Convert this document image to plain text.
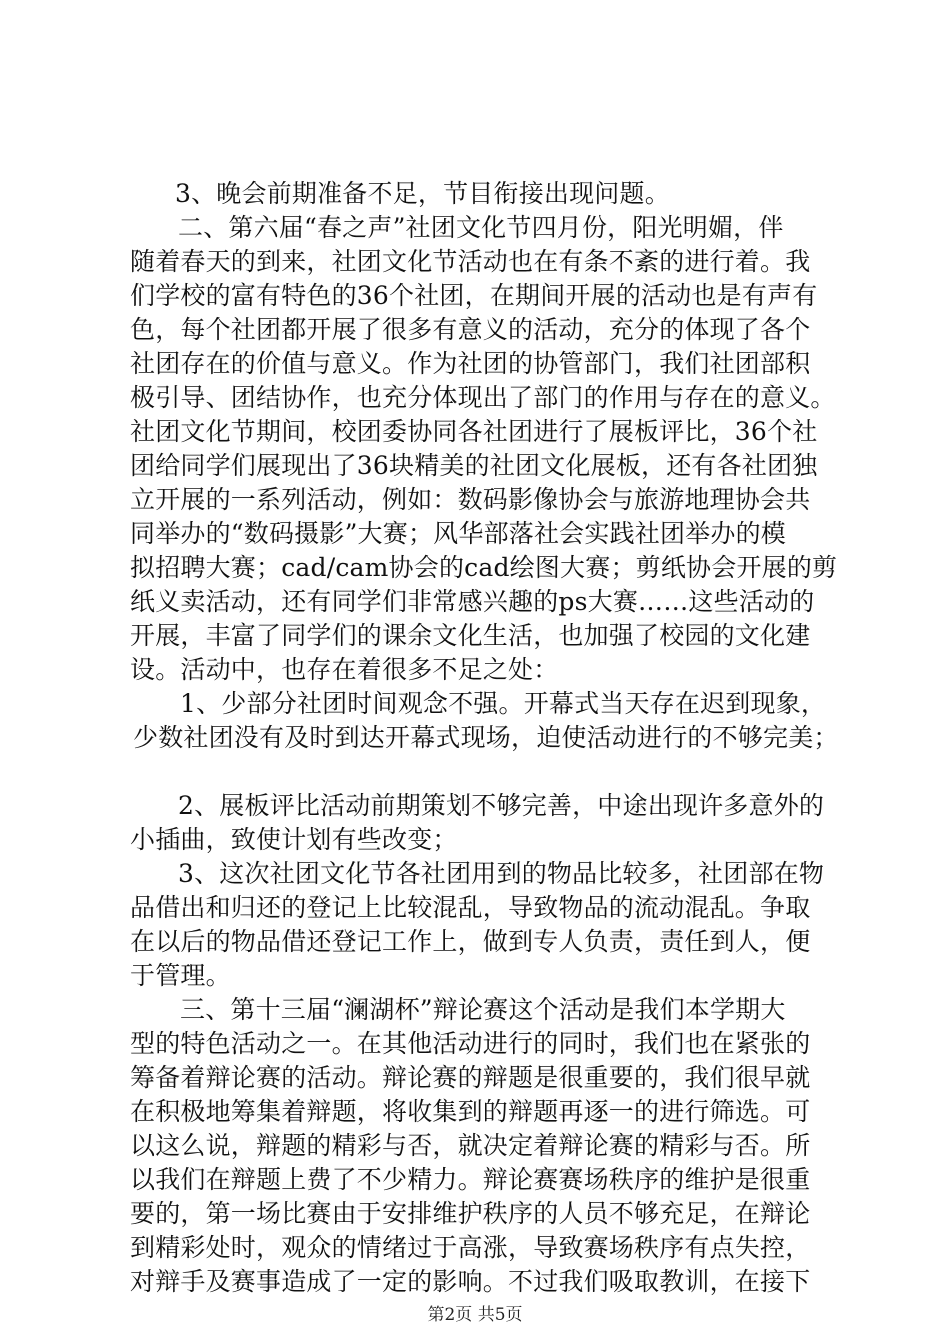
3、晚会前期准备不足，节目衔接出现问题。
二、第六届“春之声”社团文化节四月份，阳光明媚，伴
随着春天的到来，社团文化节活动也在有条不紊的进行着。我
们学校的富有特色的36个社团，在期间开展的活动也是有声有
色，每个社团都开展了很多有意义的活动，充分的体现了各个
社团存在的价值与意义。作为社团的协管部门，我们社团部积
极引导、团结协作，也充分体现出了部门的作用与存在的意义。
社团文化节期间，校团委协同各社团进行了展板评比，36个社
团给同学们展现出了36块精美的社团文化展板，还有各社团独
立开展的一系列活动，例如：数码影像协会与旅游地理协会共
同举办的“数码摄影”大赛；风华部落社会实践社团举办的模
拟招聘大赛；cad/cam协会的cad绘图大赛；剪纸协会开展的剪
纸义卖活动，还有同学们非常感兴趣的ps大赛……这些活动的
开展，丰富了同学们的课余文化生活，也加强了校园的文化建
设。活动中，也存在着很多不足之处：
1、少部分社团时间观念不强。开幕式当天存在迟到现象，
少数社团没有及时到达开幕式现场，迫使活动进行的不够完美；
2、展板评比活动前期策划不够完善，中途出现许多意外的
小插曲，致使计划有些改变；
3、这次社团文化节各社团用到的物品比较多，社团部在物
品借出和归还的登记上比较混乱，导致物品的流动混乱。争取
在以后的物品借还登记工作上，做到专人负责，责任到人，便
于管理。
三、第十三届“澜湖杯”辩论赛这个活动是我们本学期大
型的特色活动之一。在其他活动进行的同时，我们也在紧张的
筹备着辩论赛的活动。辩论赛的辩题是很重要的，我们很早就
在积极地筹集着辩题，将收集到的辩题再逐一的进行筛选。可
以这么说，辩题的精彩与否，就决定着辩论赛的精彩与否。所
以我们在辩题上费了不少精力。辩论赛赛场秩序的维护是很重
要的，第一场比赛由于安排维护秩序的人员不够充足，在辩论
到精彩处时，观众的情绪过于高涨，导致赛场秩序有点失控，
对辩手及赛事造成了一定的影响。不过我们吸取教训，在接下
第2页 共5页
